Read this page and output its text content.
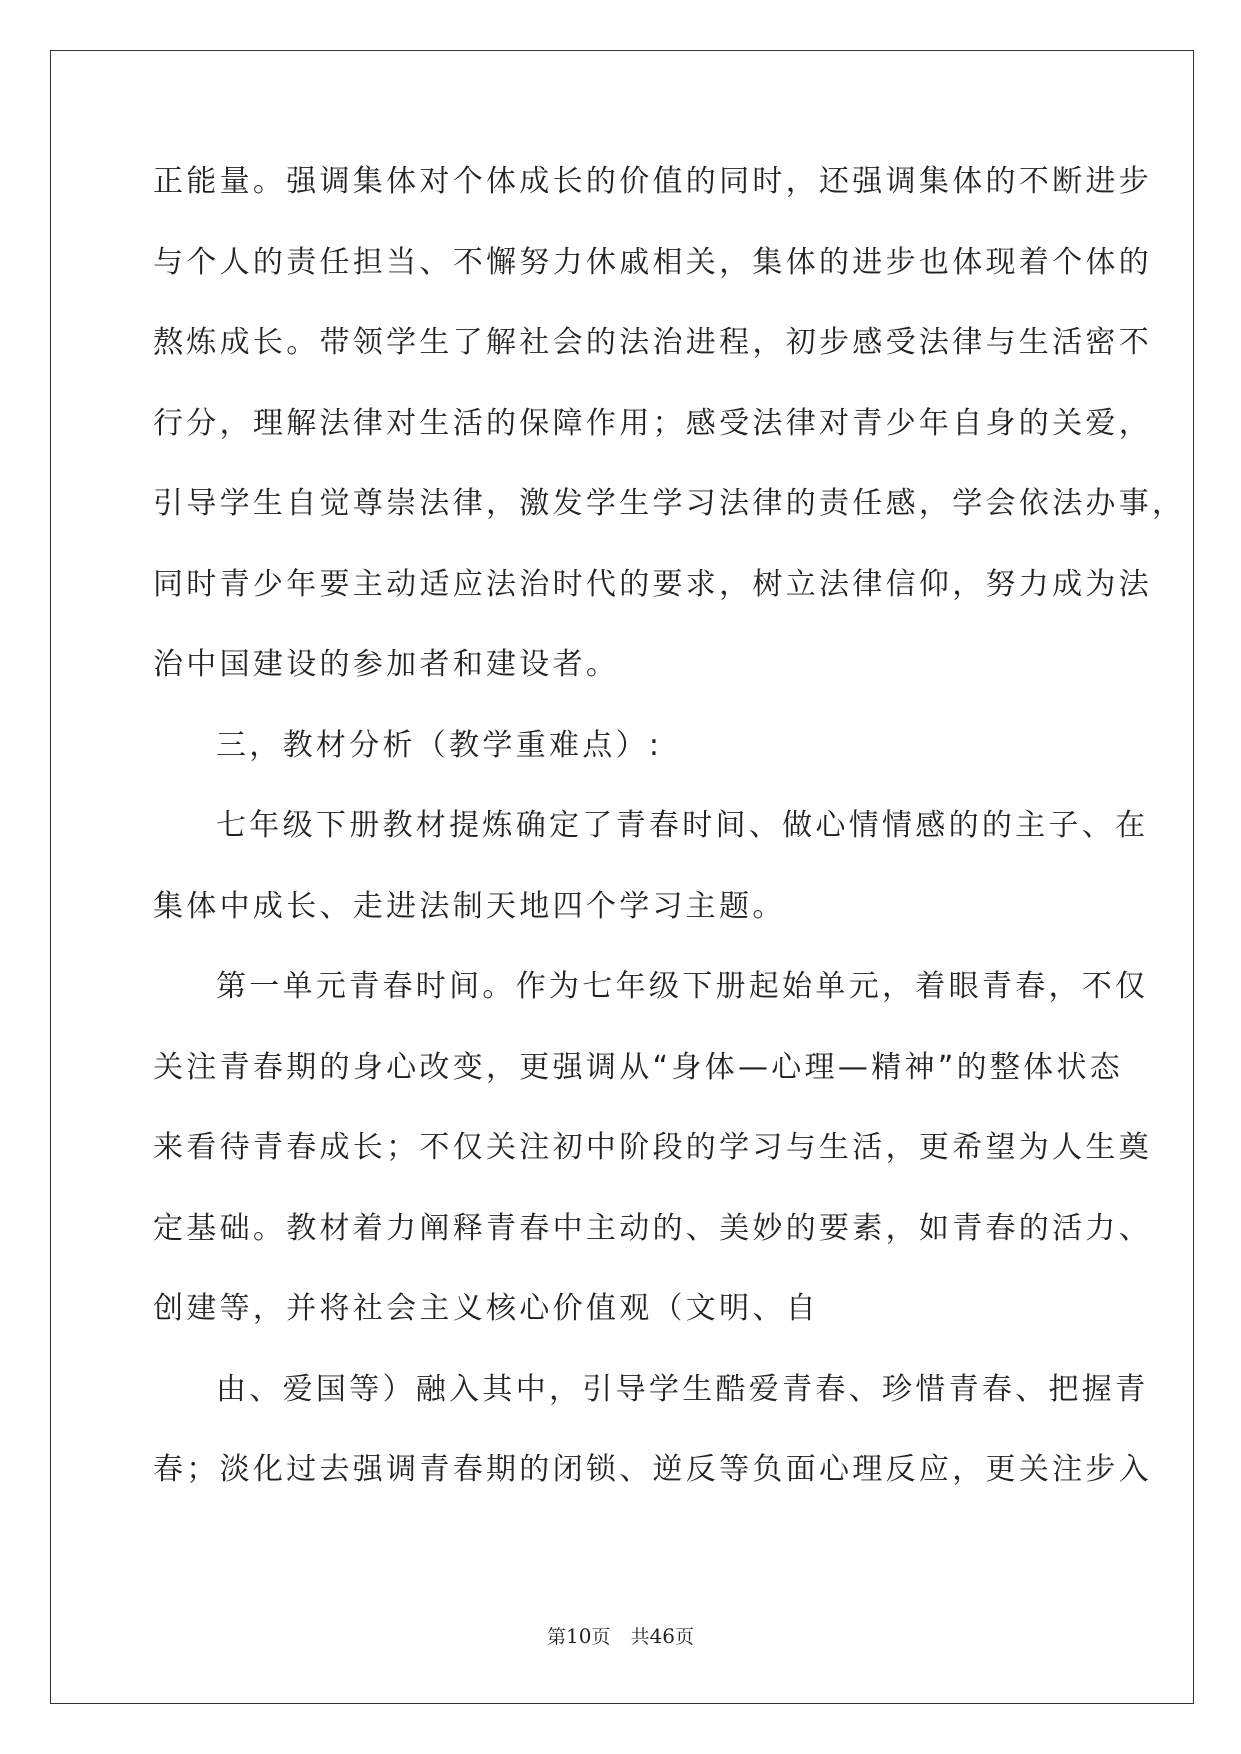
正能量。强调集体对个体成长的价值的同时，还强调集体的不断进步
与个人的责任担当、不懈努力休戚相关，集体的进步也体现着个体的
熬炼成长。带领学生了解社会的法治进程，初步感受法律与生活密不
行分，理解法律对生活的保障作用；感受法律对青少年自身的关爱，
引导学生自觉尊崇法律，激发学生学习法律的责任感，学会依法办事，
同时青少年要主动适应法治时代的要求，树立法律信仰，努力成为法
治中国建设的参加者和建设者。
三，教材分析（教学重难点）:
七年级下册教材提炼确定了青春时间、做心情情感的的主子、在
集体中成长、走进法制天地四个学习主题。
第一单元青春时间。作为七年级下册起始单元，着眼青春，不仅
关注青春期的身心改变，更强调从“身体—心理—精神”的整体状态
来看待青春成长；不仅关注初中阶段的学习与生活，更希望为人生奠
定基础。教材着力阐释青春中主动的、美妙的要素，如青春的活力、
创建等，并将社会主义核心价值观（文明、自
由、爱国等）融入其中，引导学生酷爱青春、珍惜青春、把握青
春；淡化过去强调青春期的闭锁、逆反等负面心理反应，更关注步入
第10页 共46页
